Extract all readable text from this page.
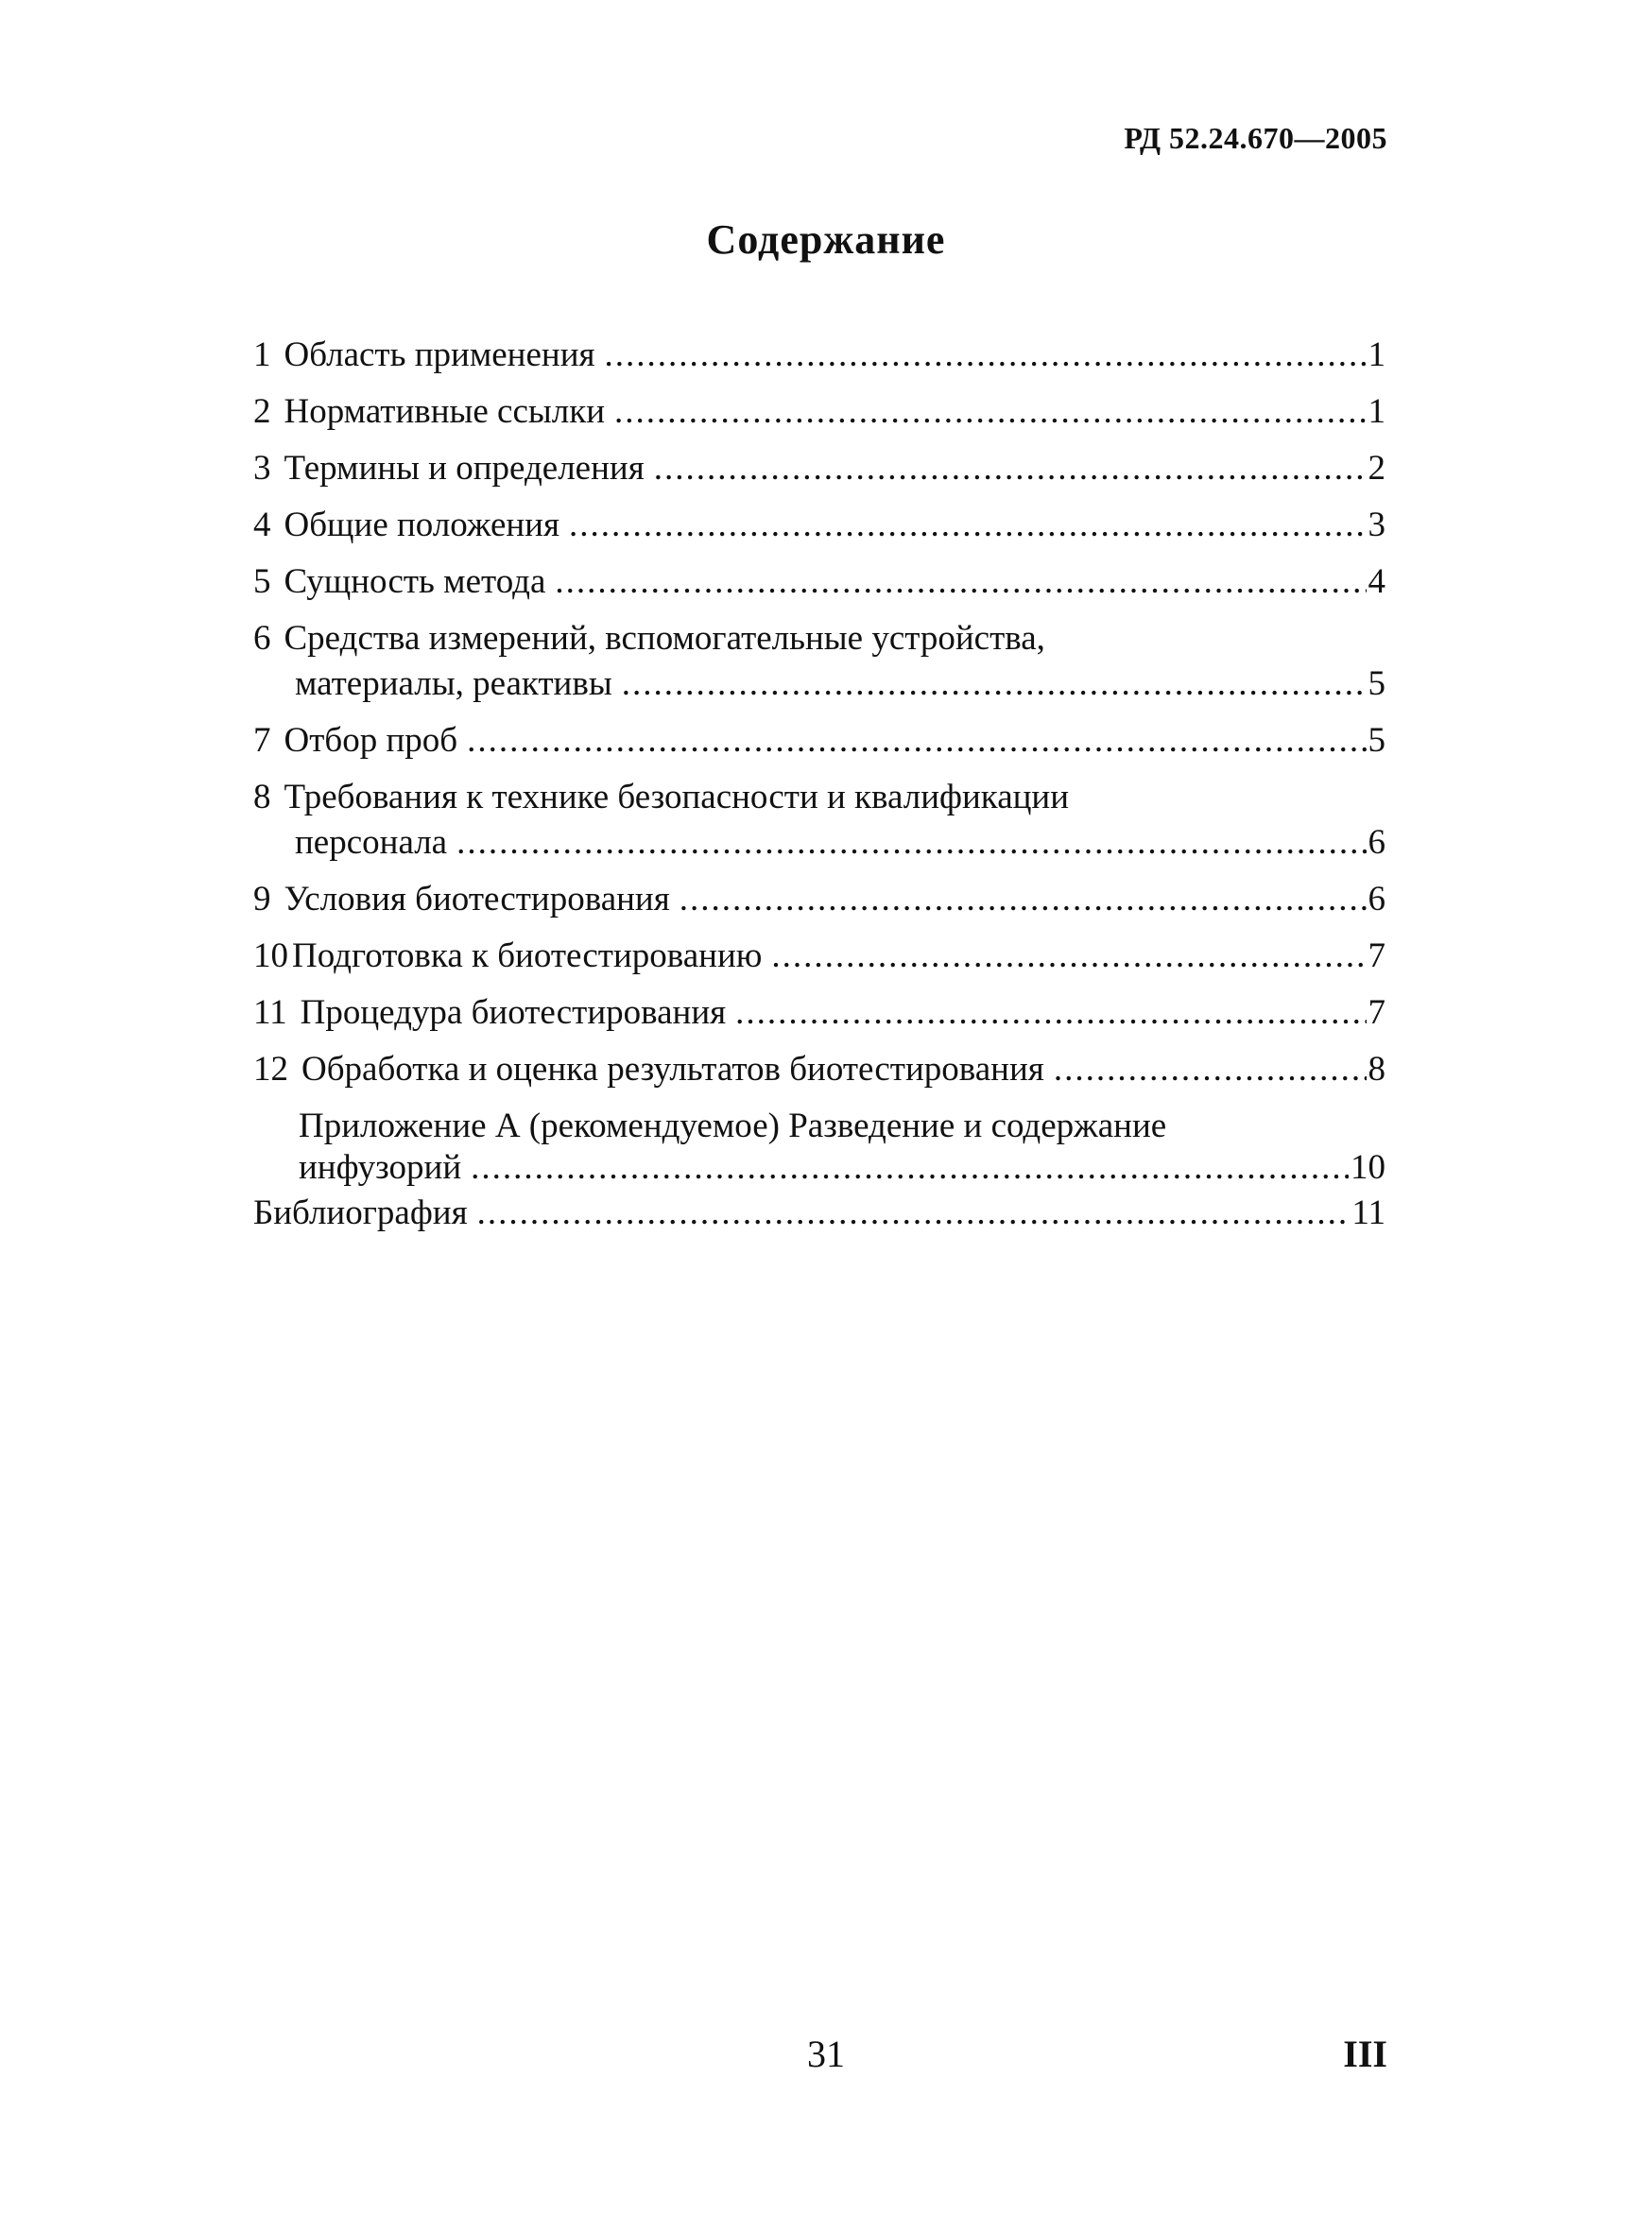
РД 52.24.670—2005
Содержание
1 Область применения .....	1
2 Нормативные ссылки .....	1
3 Термины и определения .....	2
4 Общие положения .....	3
5 Сущность метода .....	4
6 Средства измерений, вспомогательные устройства,
материалы, реактивы .....	5
7 Отбор проб .....	5
8 Требования к технике безопасности и квалификации
персонала .....	6
9 Условия биотестирования .....	6
10 Подготовка к биотестированию .....	7
11 Процедура биотестирования .....	7
12 Обработка и оценка результатов биотестирования .....	8
Приложение А (рекомендуемое) Разведение и содержание
инфузорий .....	10
Библиография .....	11
31	III
